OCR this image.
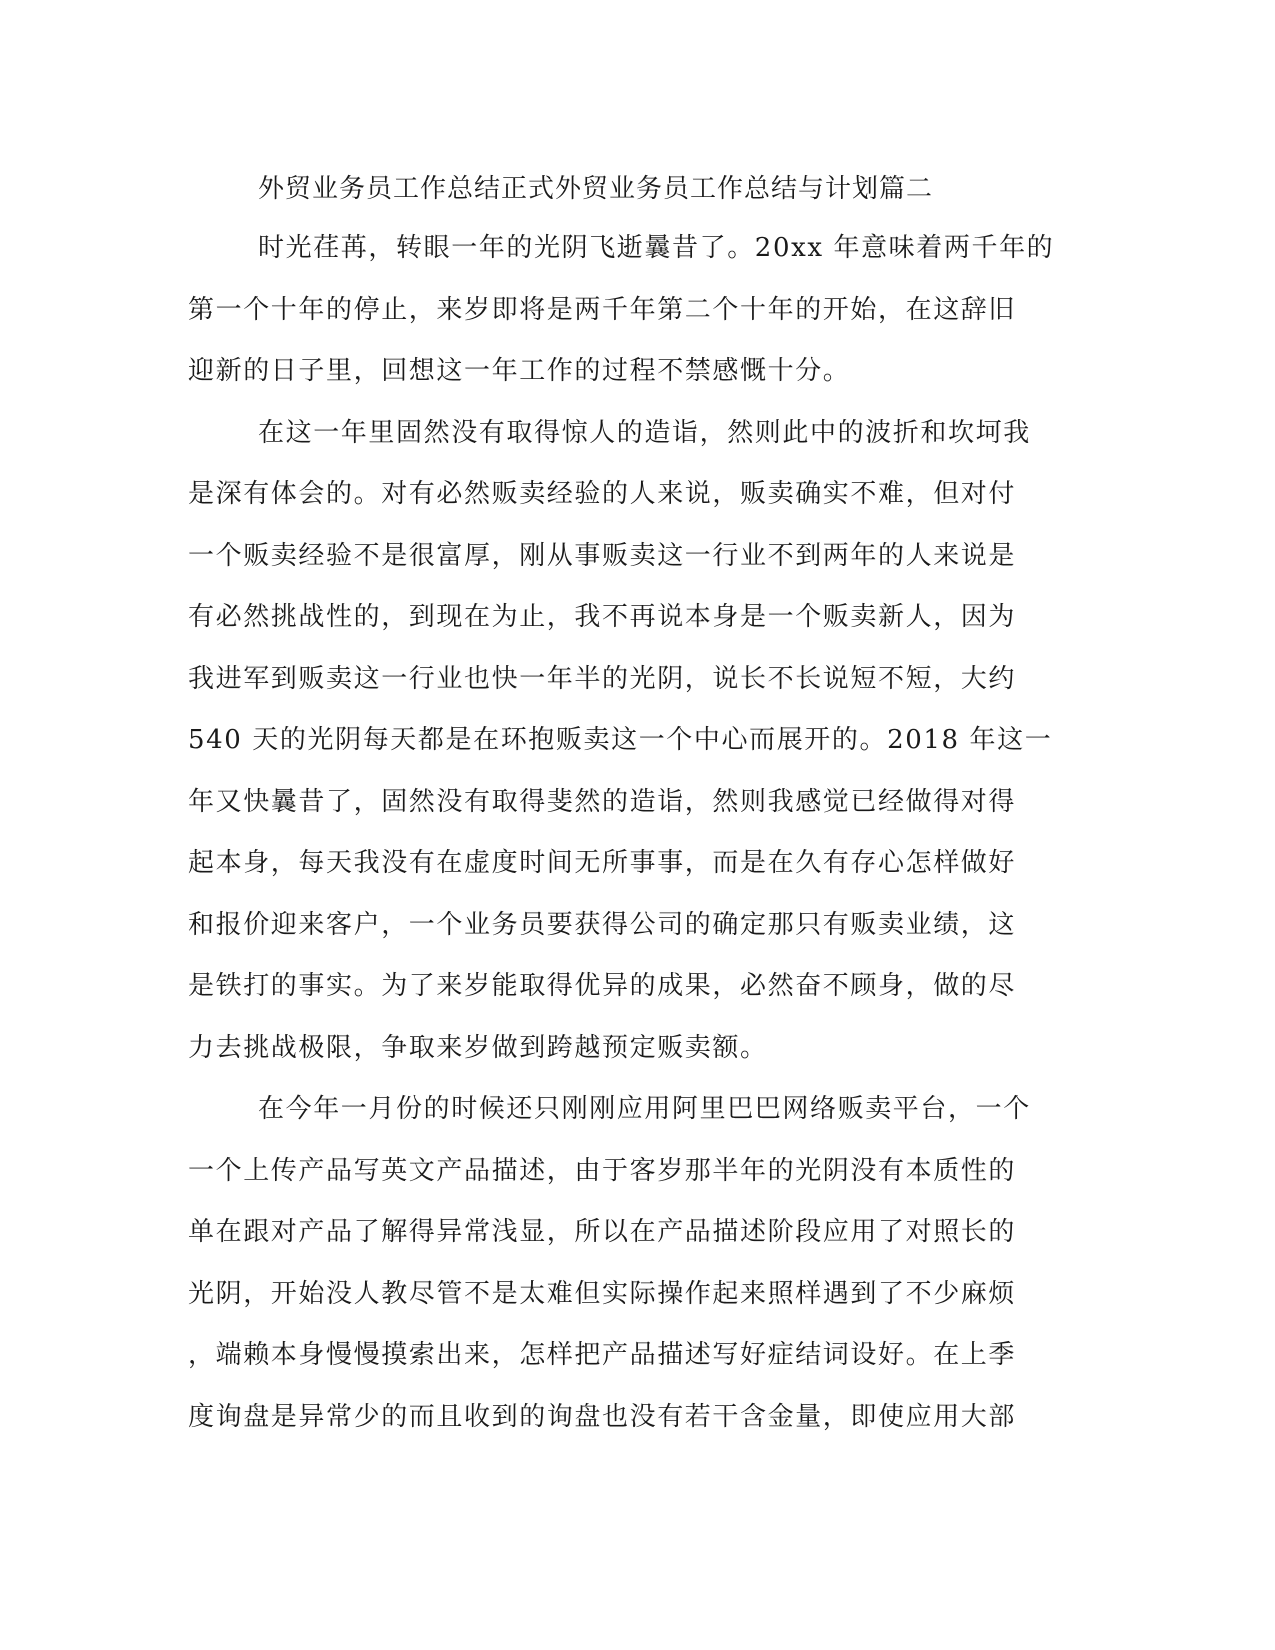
外贸业务员工作总结正式外贸业务员工作总结与计划篇二
时光荏苒，转眼一年的光阴飞逝曩昔了。20xx 年意味着两千年的
第一个十年的停止，来岁即将是两千年第二个十年的开始，在这辞旧
迎新的日子里，回想这一年工作的过程不禁感慨十分。
在这一年里固然没有取得惊人的造诣，然则此中的波折和坎坷我
是深有体会的。对有必然贩卖经验的人来说，贩卖确实不难，但对付
一个贩卖经验不是很富厚，刚从事贩卖这一行业不到两年的人来说是
有必然挑战性的，到现在为止，我不再说本身是一个贩卖新人，因为
我进军到贩卖这一行业也快一年半的光阴，说长不长说短不短，大约
540 天的光阴每天都是在环抱贩卖这一个中心而展开的。2018 年这一
年又快曩昔了，固然没有取得斐然的造诣，然则我感觉已经做得对得
起本身，每天我没有在虚度时间无所事事，而是在久有存心怎样做好
和报价迎来客户，一个业务员要获得公司的确定那只有贩卖业绩，这
是铁打的事实。为了来岁能取得优异的成果，必然奋不顾身，做的尽
力去挑战极限，争取来岁做到跨越预定贩卖额。
在今年一月份的时候还只刚刚应用阿里巴巴网络贩卖平台，一个
一个上传产品写英文产品描述，由于客岁那半年的光阴没有本质性的
单在跟对产品了解得异常浅显，所以在产品描述阶段应用了对照长的
光阴，开始没人教尽管不是太难但实际操作起来照样遇到了不少麻烦
，端赖本身慢慢摸索出来，怎样把产品描述写好症结词设好。在上季
度询盘是异常少的而且收到的询盘也没有若干含金量，即使应用大部
